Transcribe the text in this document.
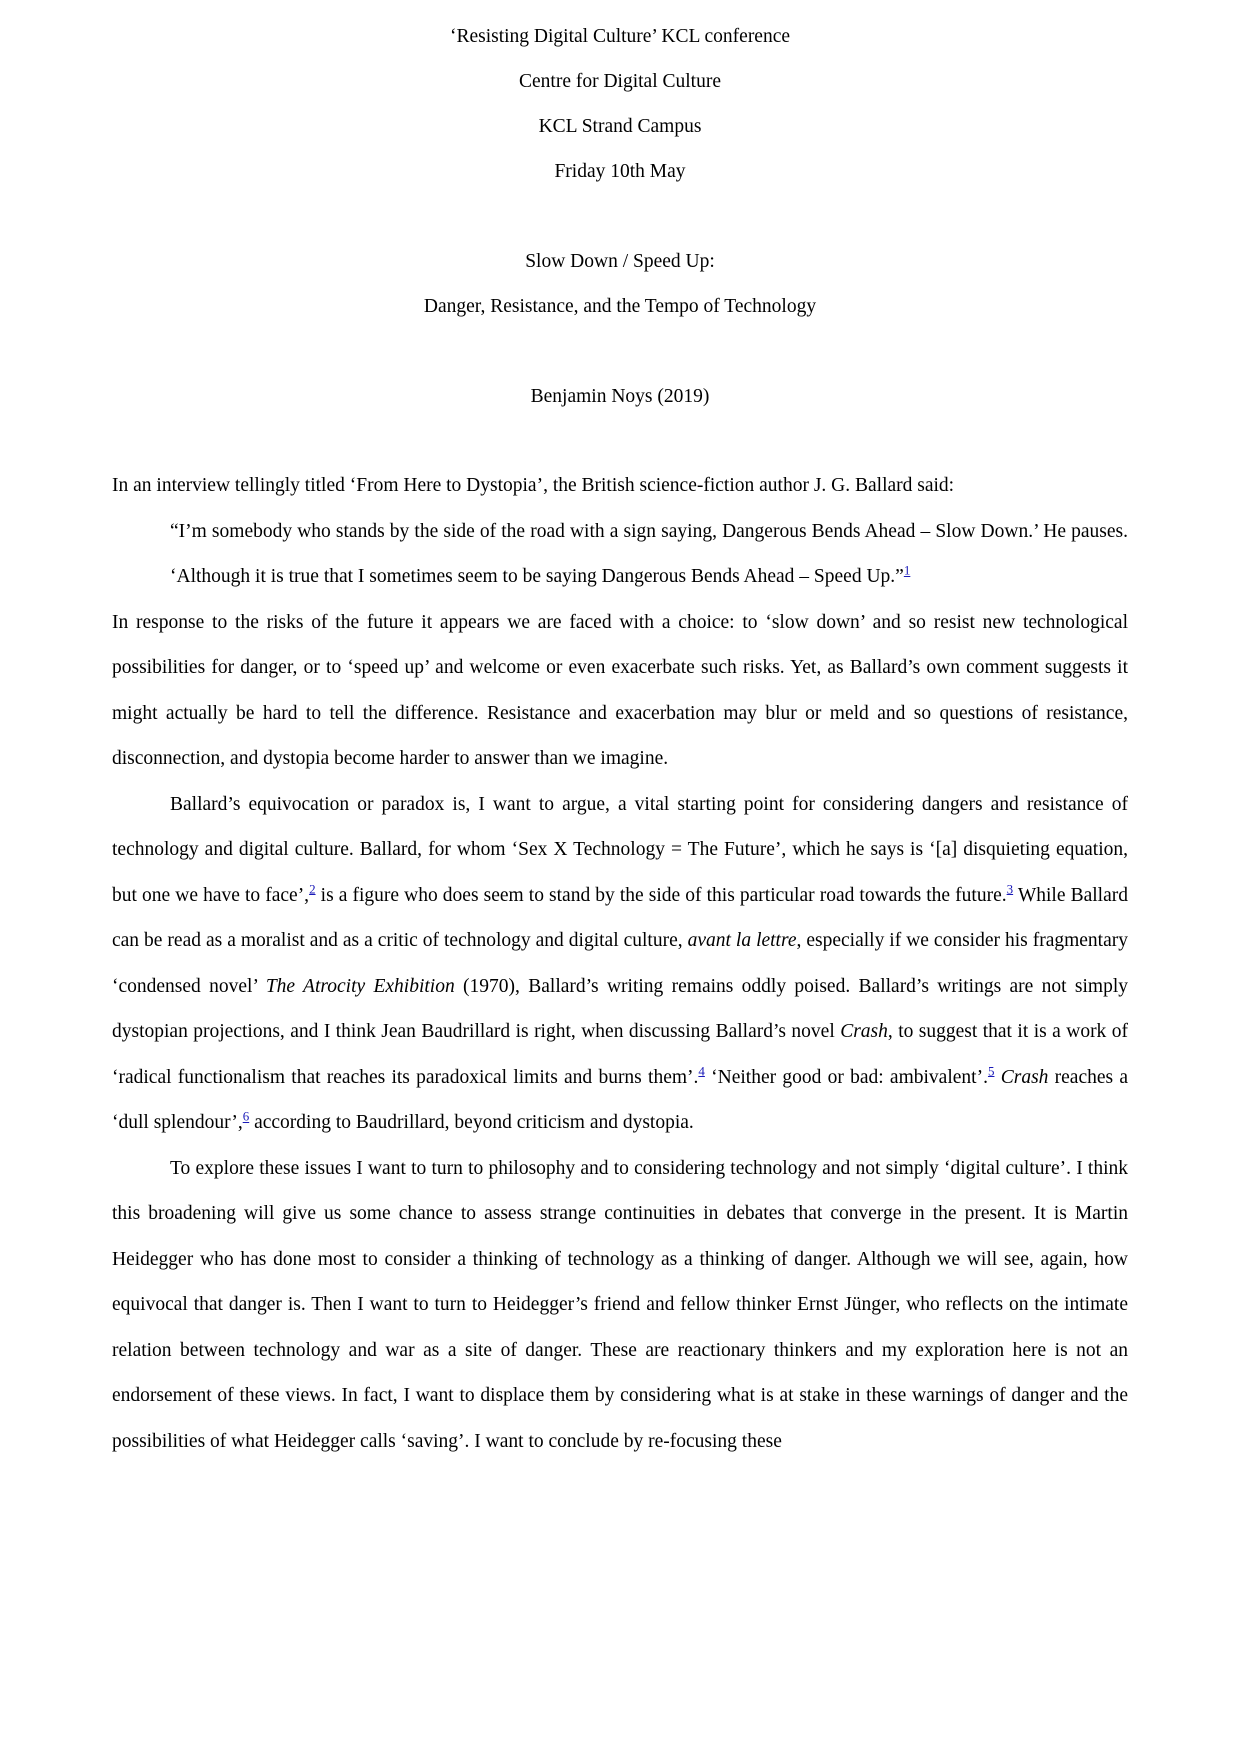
‘Resisting Digital Culture’ KCL conference
Centre for Digital Culture
KCL Strand Campus
Friday 10th May
Slow Down / Speed Up:
Danger, Resistance, and the Tempo of Technology
Benjamin Noys (2019)

In an interview tellingly titled ‘From Here to Dystopia’, the British science-fiction author J. G. Ballard said:

“I’m somebody who stands by the side of the road with a sign saying, Dangerous Bends Ahead – Slow Down.’ He pauses. ‘Although it is true that I sometimes seem to be saying Dangerous Bends Ahead – Speed Up.”$^1$

In response to the risks of the future it appears we are faced with a choice: to ‘slow down’ and so resist new technological possibilities for danger, or to ‘speed up’ and welcome or even exacerbate such risks. Yet, as Ballard’s own comment suggests it might actually be hard to tell the difference. Resistance and exacerbation may blur or meld and so questions of resistance, disconnection, and dystopia become harder to answer than we imagine.

Ballard’s equivocation or paradox is, I want to argue, a vital starting point for considering dangers and resistance of technology and digital culture. Ballard, for whom ‘Sex X Technology = The Future’, which he says is ‘[a] disquieting equation, but one we have to face’,$^2$ is a figure who does seem to stand by the side of this particular road towards the future.$^3$ While Ballard can be read as a moralist and as a critic of technology and digital culture, avant la lettre, especially if we consider his fragmentary ‘condensed novel’ The Atrocity Exhibition (1970), Ballard’s writing remains oddly poised. Ballard’s writings are not simply dystopian projections, and I think Jean Baudrillard is right, when discussing Ballard’s novel Crash, to suggest that it is a work of ‘radical functionalism that reaches its paradoxical limits and burns them’.$^4$ ‘Neither good or bad: ambivalent’.$^5$ Crash reaches a ‘dull splendour’,$^6$ according to Baudrillard, beyond criticism and dystopia.

To explore these issues I want to turn to philosophy and to considering technology and not simply ‘digital culture’. I think this broadening will give us some chance to assess strange continuities in debates that converge in the present. It is Martin Heidegger who has done most to consider a thinking of technology as a thinking of danger. Although we will see, again, how equivocal that danger is. Then I want to turn to Heidegger’s friend and fellow thinker Ernst Jünger, who reflects on the intimate relation between technology and war as a site of danger. These are reactionary thinkers and my exploration here is not an endorsement of these views. In fact, I want to displace them by considering what is at stake in these warnings of danger and the possibilities of what Heidegger calls ‘saving’. I want to conclude by re-focusing these
